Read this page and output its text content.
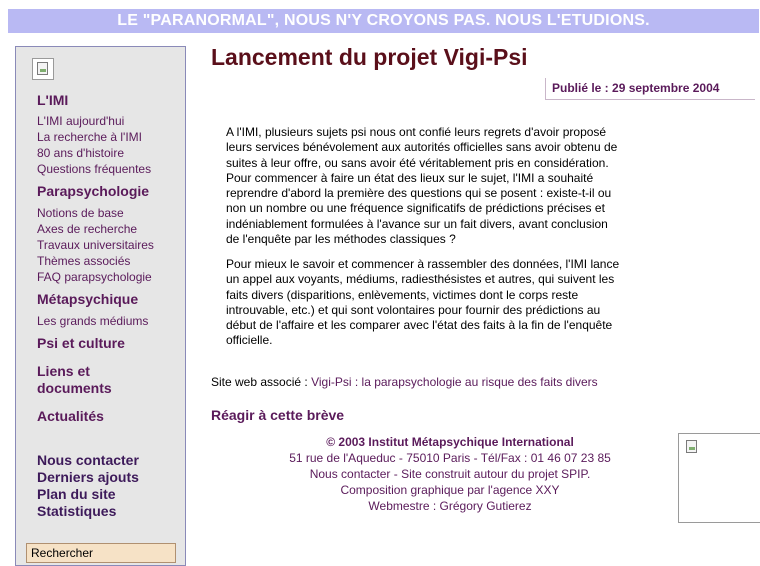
LE "PARANORMAL", NOUS N'Y CROYONS PAS. NOUS L'ETUDIONS.
L'IMI
L'IMI aujourd'hui
La recherche à l'IMI
80 ans d'histoire
Questions fréquentes
Parapsychologie
Notions de base
Axes de recherche
Travaux universitaires
Thèmes associés
FAQ parapsychologie
Métapsychique
Les grands médiums
Psi et culture
Liens et
documents
Actualités
Nous contacter
Derniers ajouts
Plan du site
Statistiques
Rechercher
Lancement du projet Vigi-Psi
Publié le : 29 septembre 2004
A l'IMI, plusieurs sujets psi nous ont confié leurs regrets d'avoir proposé leurs services bénévolement aux autorités officielles sans avoir obtenu de suites à leur offre, ou sans avoir été véritablement pris en considération. Pour commencer à faire un état des lieux sur le sujet, l'IMI a souhaité reprendre d'abord la première des questions qui se posent : existe-t-il ou non un nombre ou une fréquence significatifs de prédictions précises et indéniablement formulées à l'avance sur un fait divers, avant conclusion de l'enquête par les méthodes classiques ?
Pour mieux le savoir et commencer à rassembler des données, l'IMI lance un appel aux voyants, médiums, radiesthésistes et autres, qui suivent les faits divers (disparitions, enlèvements, victimes dont le corps reste introuvable, etc.) et qui sont volontaires pour fournir des prédictions au début de l'affaire et les comparer avec l'état des faits à la fin de l'enquête officielle.
Site web associé : Vigi-Psi : la parapsychologie au risque des faits divers
Réagir à cette brève
© 2003 Institut Métapsychique International
51 rue de l'Aqueduc - 75010 Paris - Tél/Fax : 01 46 07 23 85
Nous contacter - Site construit autour du projet SPIP.
Composition graphique par l'agence XXY
Webmestre : Grégory Gutierez
